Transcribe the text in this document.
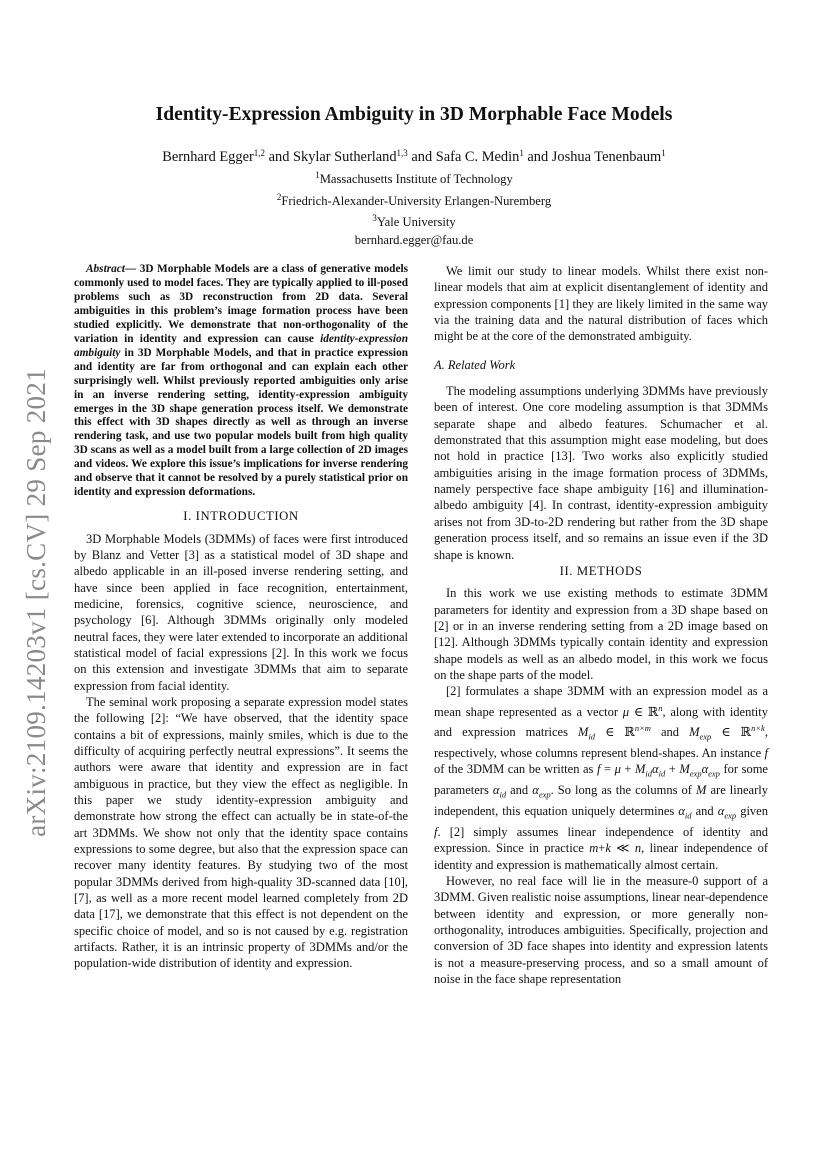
arXiv:2109.14203v1 [cs.CV] 29 Sep 2021
Identity-Expression Ambiguity in 3D Morphable Face Models
Bernhard Egger$^{1,2}$ and Skylar Sutherland$^{1,3}$ and Safa C. Medin$^1$ and Joshua Tenenbaum$^1$
$^1$Massachusetts Institute of Technology
$^2$Friedrich-Alexander-University Erlangen-Nuremberg
$^3$Yale University
bernhard.egger@fau.de

Abstract— 3D Morphable Models are a class of generative models commonly used to model faces. They are typically applied to ill-posed problems such as 3D reconstruction from 2D data. Several ambiguities in this problem’s image formation process have been studied explicitly. We demonstrate that non-orthogonality of the variation in identity and expression can cause identity-expression ambiguity in 3D Morphable Models, and that in practice expression and identity are far from orthogonal and can explain each other surprisingly well. Whilst previously reported ambiguities only arise in an inverse rendering setting, identity-expression ambiguity emerges in the 3D shape generation process itself. We demonstrate this effect with 3D shapes directly as well as through an inverse rendering task, and use two popular models built from high quality 3D scans as well as a model built from a large collection of 2D images and videos. We explore this issue’s implications for inverse rendering and observe that it cannot be resolved by a purely statistical prior on identity and expression deformations.

I. INTRODUCTION

3D Morphable Models (3DMMs) of faces were first introduced by Blanz and Vetter [3] as a statistical model of 3D shape and albedo applicable in an ill-posed inverse rendering setting, and have since been applied in face recognition, entertainment, medicine, forensics, cognitive science, neuroscience, and psychology [6]. Although 3DMMs originally only modeled neutral faces, they were later extended to incorporate an additional statistical model of facial expressions [2]. In this work we focus on this extension and investigate 3DMMs that aim to separate expression from facial identity.

The seminal work proposing a separate expression model states the following [2]: “We have observed, that the identity space contains a bit of expressions, mainly smiles, which is due to the difficulty of acquiring perfectly neutral expressions”. It seems the authors were aware that identity and expression are in fact ambiguous in practice, but they view the effect as negligible. In this paper we study identity-expression ambiguity and demonstrate how strong the effect can actually be in state-of-the art 3DMMs. We show not only that the identity space contains expressions to some degree, but also that the expression space can recover many identity features. By studying two of the most popular 3DMMs derived from high-quality 3D-scanned data [10], [7], as well as a more recent model learned completely from 2D data [17], we demonstrate that this effect is not dependent on the specific choice of model, and so is not caused by e.g. registration artifacts. Rather, it is an intrinsic property of 3DMMs and/or the population-wide distribution of identity and expression.

We limit our study to linear models. Whilst there exist non-linear models that aim at explicit disentanglement of identity and expression components [1] they are likely limited in the same way via the training data and the natural distribution of faces which might be at the core of the demonstrated ambiguity.

A. Related Work

The modeling assumptions underlying 3DMMs have previously been of interest. One core modeling assumption is that 3DMMs separate shape and albedo features. Schumacher et al. demonstrated that this assumption might ease modeling, but does not hold in practice [13]. Two works also explicitly studied ambiguities arising in the image formation process of 3DMMs, namely perspective face shape ambiguity [16] and illumination-albedo ambiguity [4]. In contrast, identity-expression ambiguity arises not from 3D-to-2D rendering but rather from the 3D shape generation process itself, and so remains an issue even if the 3D shape is known.

II. METHODS

In this work we use existing methods to estimate 3DMM parameters for identity and expression from a 3D shape based on [2] or in an inverse rendering setting from a 2D image based on [12]. Although 3DMMs typically contain identity and expression shape models as well as an albedo model, in this work we focus on the shape parts of the model.

[2] formulates a shape 3DMM with an expression model as a mean shape represented as a vector μ ∈ ℝ$^n$, along with identity and expression matrices $M_{id}$ ∈ ℝ$^{n\times m}$ and $M_{exp}$ ∈ ℝ$^{n\times k}$, respectively, whose columns represent blend-shapes. An instance f of the 3DMM can be written as $f = \mu + M_{id}\alpha_{id} + M_{exp}\alpha_{exp}$ for some parameters $\alpha_{id}$ and $\alpha_{exp}$. So long as the columns of M are linearly independent, this equation uniquely determines $\alpha_{id}$ and $\alpha_{exp}$ given f. [2] simply assumes linear independence of identity and expression. Since in practice m+k ≪ n, linear independence of identity and expression is mathematically almost certain.

However, no real face will lie in the measure-0 support of a 3DMM. Given realistic noise assumptions, linear near-dependence between identity and expression, or more generally non-orthogonality, introduces ambiguities. Specifically, projection and conversion of 3D face shapes into identity and expression latents is not a measure-preserving process, and so a small amount of noise in the face shape representation
